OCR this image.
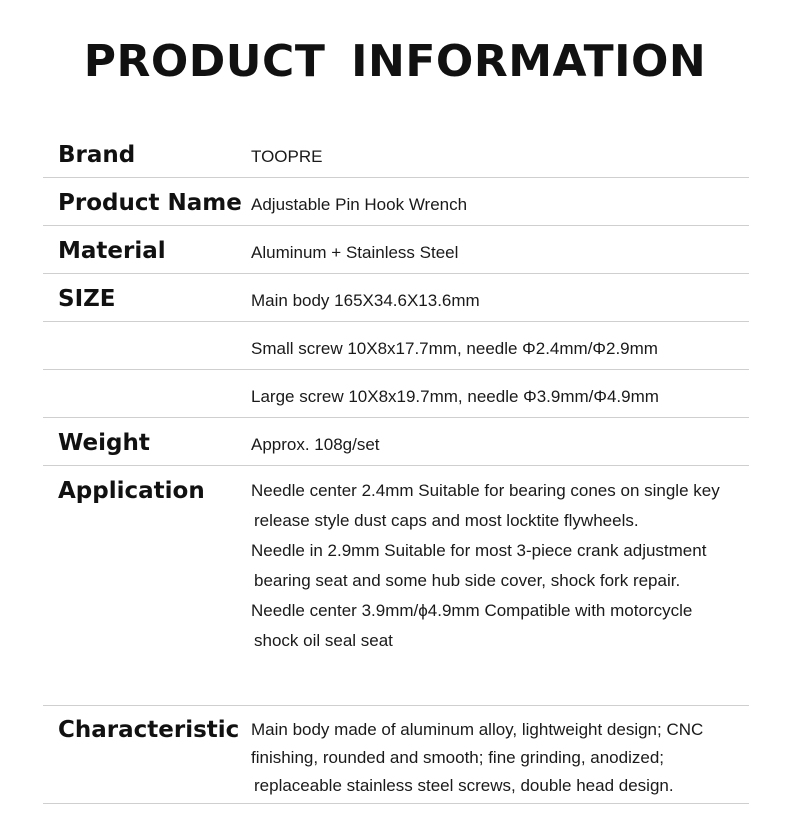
PRODUCT INFORMATION
Brand	TOOPRE
Product Name Adjustable Pin Hook Wrench
Material	Aluminum + Stainless Steel
SIZE	Main body 165X34.6X13.6mm
Small screw 10X8x17.7mm, needle Φ2.4mm/Φ2.9mm
Large screw 10X8x19.7mm, needle Φ3.9mm/Φ4.9mm
Weight	Approx. 108g/set
Application	Needle center 2.4mm Suitable for bearing cones on single key
release style dust caps and most locktite flywheels.
Needle in 2.9mm Suitable for most 3-piece crank adjustment
bearing seat and some hub side cover, shock fork repair.
Needle center 3.9mm/ϕ4.9mm Compatible with motorcycle
shock oil seal seat
Characteristic Main body made of aluminum alloy, lightweight design; CNC
finishing, rounded and smooth; fine grinding, anodized;
replaceable stainless steel screws, double head design.
